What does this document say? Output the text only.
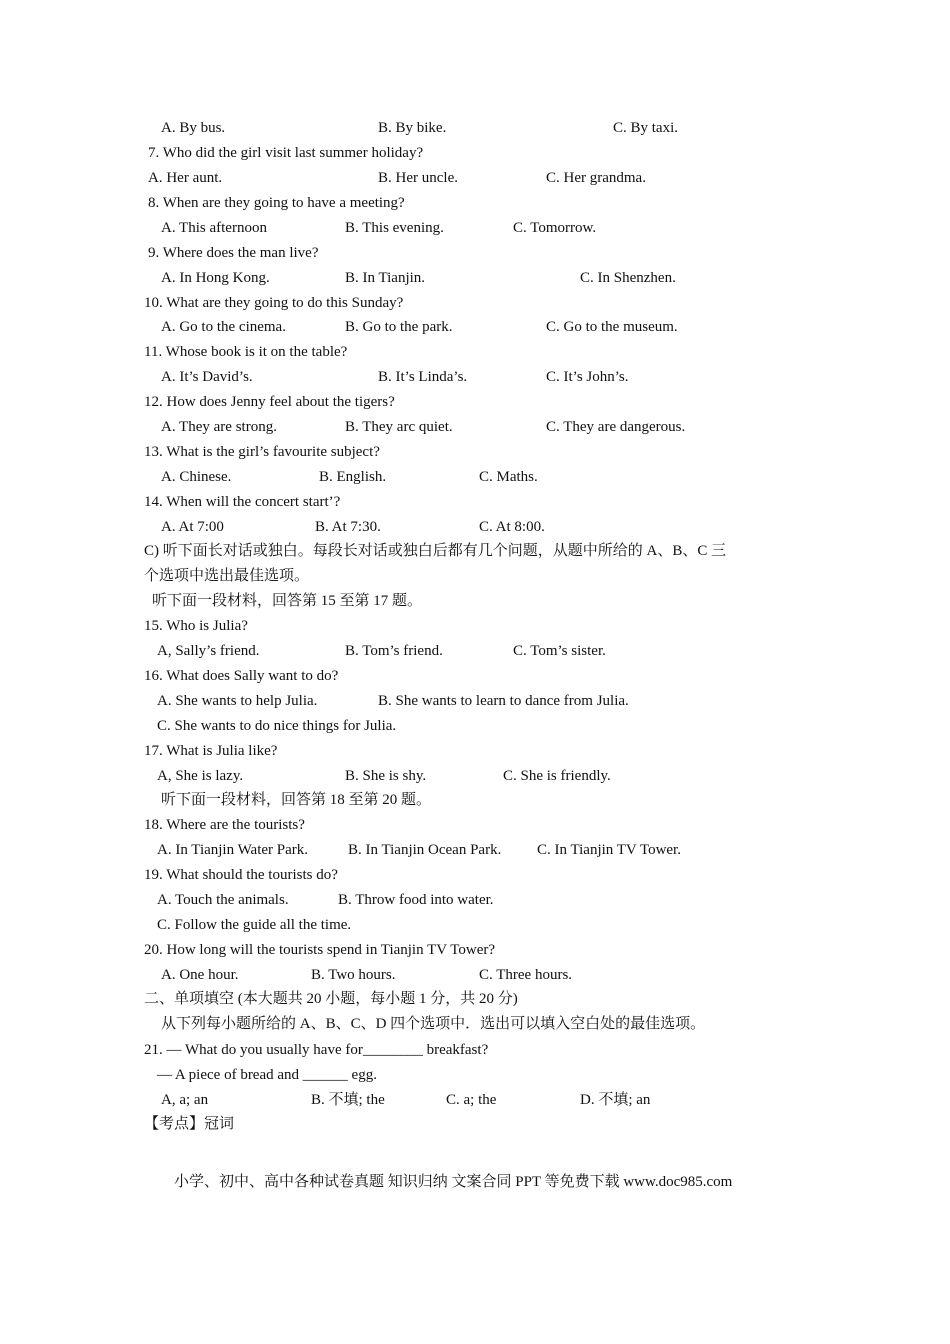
A. By bus.	B. By bike.	C. By taxi.
7. Who did the girl visit last summer holiday?
A. Her aunt.	B. Her uncle.	C. Her grandma.
8. When are they going to have a meeting?
A. This afternoon	B. This evening.	C. Tomorrow.
9. Where does the man live?
A. In Hong Kong.	B. In Tianjin.	C. In Shenzhen.
10. What are they going to do this Sunday?
A. Go to the cinema.	B. Go to the park.	C. Go to the museum.
11. Whose book is it on the table?
A. It’s David’s.	B. It’s Linda’s.	C. It’s John’s.
12. How does Jenny feel about the tigers?
A. They are strong.	B. They arc quiet.	C. They are dangerous.
13. What is the girl’s favourite subject?
A. Chinese.	B. English.	C. Maths.
14. When will the concert start’?
A. At 7:00	B. At 7:30.	C. At 8:00.
C) 听下面长对话或独白。每段长对话或独白后都有几个问题，从题中所给的 A、B、C 三
个选项中选出最佳选项。
听下面一段材料，回答第 15 至第 17 题。
15. Who is Julia?
A, Sally’s friend.	B. Tom’s friend.	C. Tom’s sister.
16. What does Sally want to do?
A. She wants to help Julia.	B. She wants to learn to dance from Julia.
C. She wants to do nice things for Julia.
17. What is Julia like?
A, She is lazy.	B. She is shy.	C. She is friendly.
听下面一段材料，回答第 18 至第 20 题。
18. Where are the tourists?
A. In Tianjin Water Park.	B. In Tianjin Ocean Park. C. In Tianjin TV Tower.
19. What should the tourists do?
A. Touch the animals.	B. Throw food into water.
C. Follow the guide all the time.
20. How long will the tourists spend in Tianjin TV Tower?
A. One hour.	B. Two hours.	C. Three hours.
二、单项填空 (本大题共 20 小题，每小题 1 分，共 20 分)
从下列每小题所给的 A、B、C、D 四个选项中．选出可以填入空白处的最佳选项。
21. — What do you usually have for________ breakfast?
— A piece of bread and ______ egg.
A, a; an	B. 不填; the	C. a; the	D. 不填; an
【考点】冠词
小学、初中、高中各种试卷真题 知识归纳 文案合同 PPT 等免费下载 www.doc985.com
